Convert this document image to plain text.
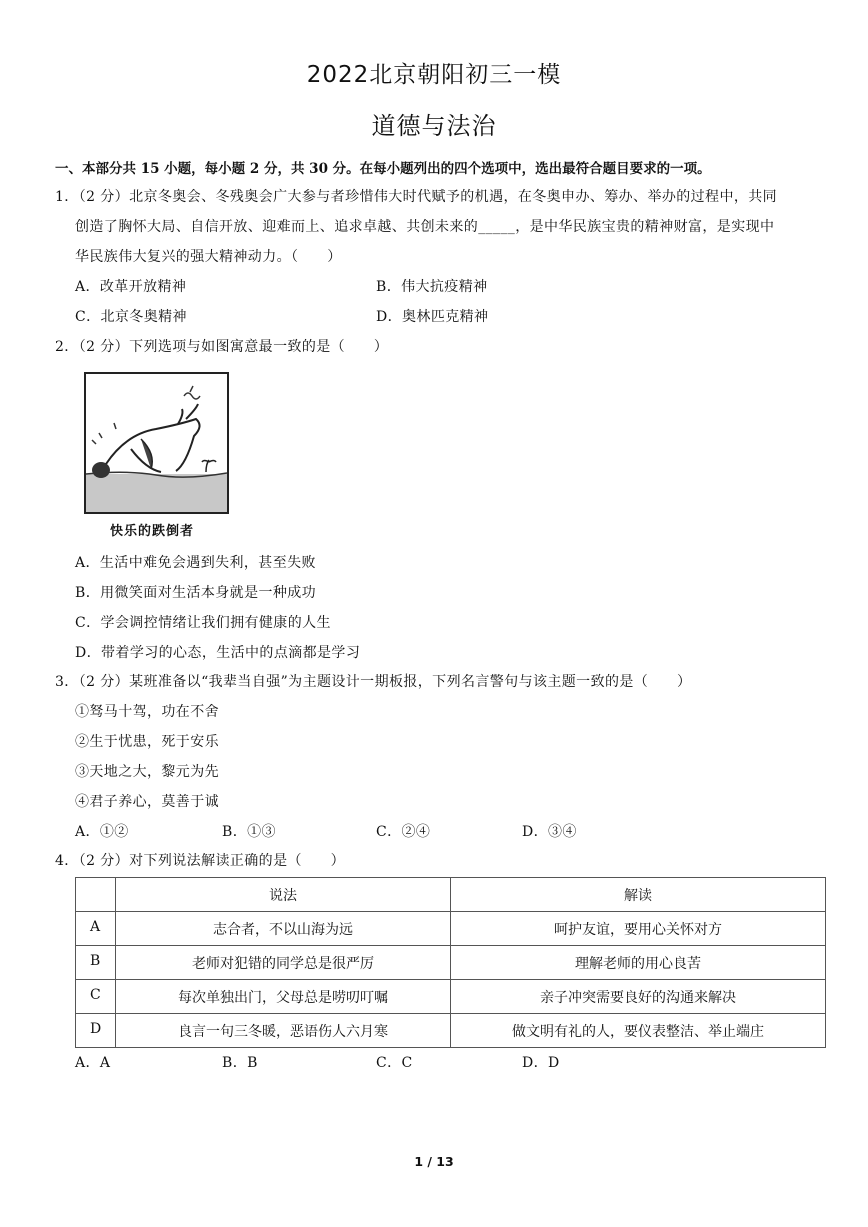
2022北京朝阳初三一模
道德与法治
一、本部分共 15 小题，每小题 2 分，共 30 分。在每小题列出的四个选项中，选出最符合题目要求的一项。
1．（2 分）北京冬奥会、冬残奥会广大参与者珍惜伟大时代赋予的机遇，在冬奥申办、筹办、举办的过程中，共同
创造了胸怀大局、自信开放、迎难而上、追求卓越、共创未来的_____，是中华民族宝贵的精神财富，是实现中
华民族伟大复兴的强大精神动力。（　　）
A．改革开放精神	B．伟大抗疫精神
C．北京冬奥精神	D．奥林匹克精神
2．（2 分）下列选项与如图寓意最一致的是（　　）
快乐的跌倒者
A．生活中难免会遇到失利，甚至失败
B．用微笑面对生活本身就是一种成功
C．学会调控情绪让我们拥有健康的人生
D．带着学习的心态，生活中的点滴都是学习
3．（2 分）某班准备以“我辈当自强”为主题设计一期板报，下列名言警句与该主题一致的是（　　）
①驽马十驾，功在不舍
②生于忧患，死于安乐
③天地之大，黎元为先
④君子养心，莫善于诚
A．①②	B．①③	C．②④	D．③④
4．（2 分）对下列说法解读正确的是（　　）
	说法	解读
A	志合者，不以山海为远	呵护友谊，要用心关怀对方
B	老师对犯错的同学总是很严厉	理解老师的用心良苦
C	每次单独出门，父母总是唠叨叮嘱	亲子冲突需要良好的沟通来解决
D	良言一句三冬暖，恶语伤人六月寒	做文明有礼的人，要仪表整洁、举止端庄
A．A	B．B	C．C	D．D
1 / 13
